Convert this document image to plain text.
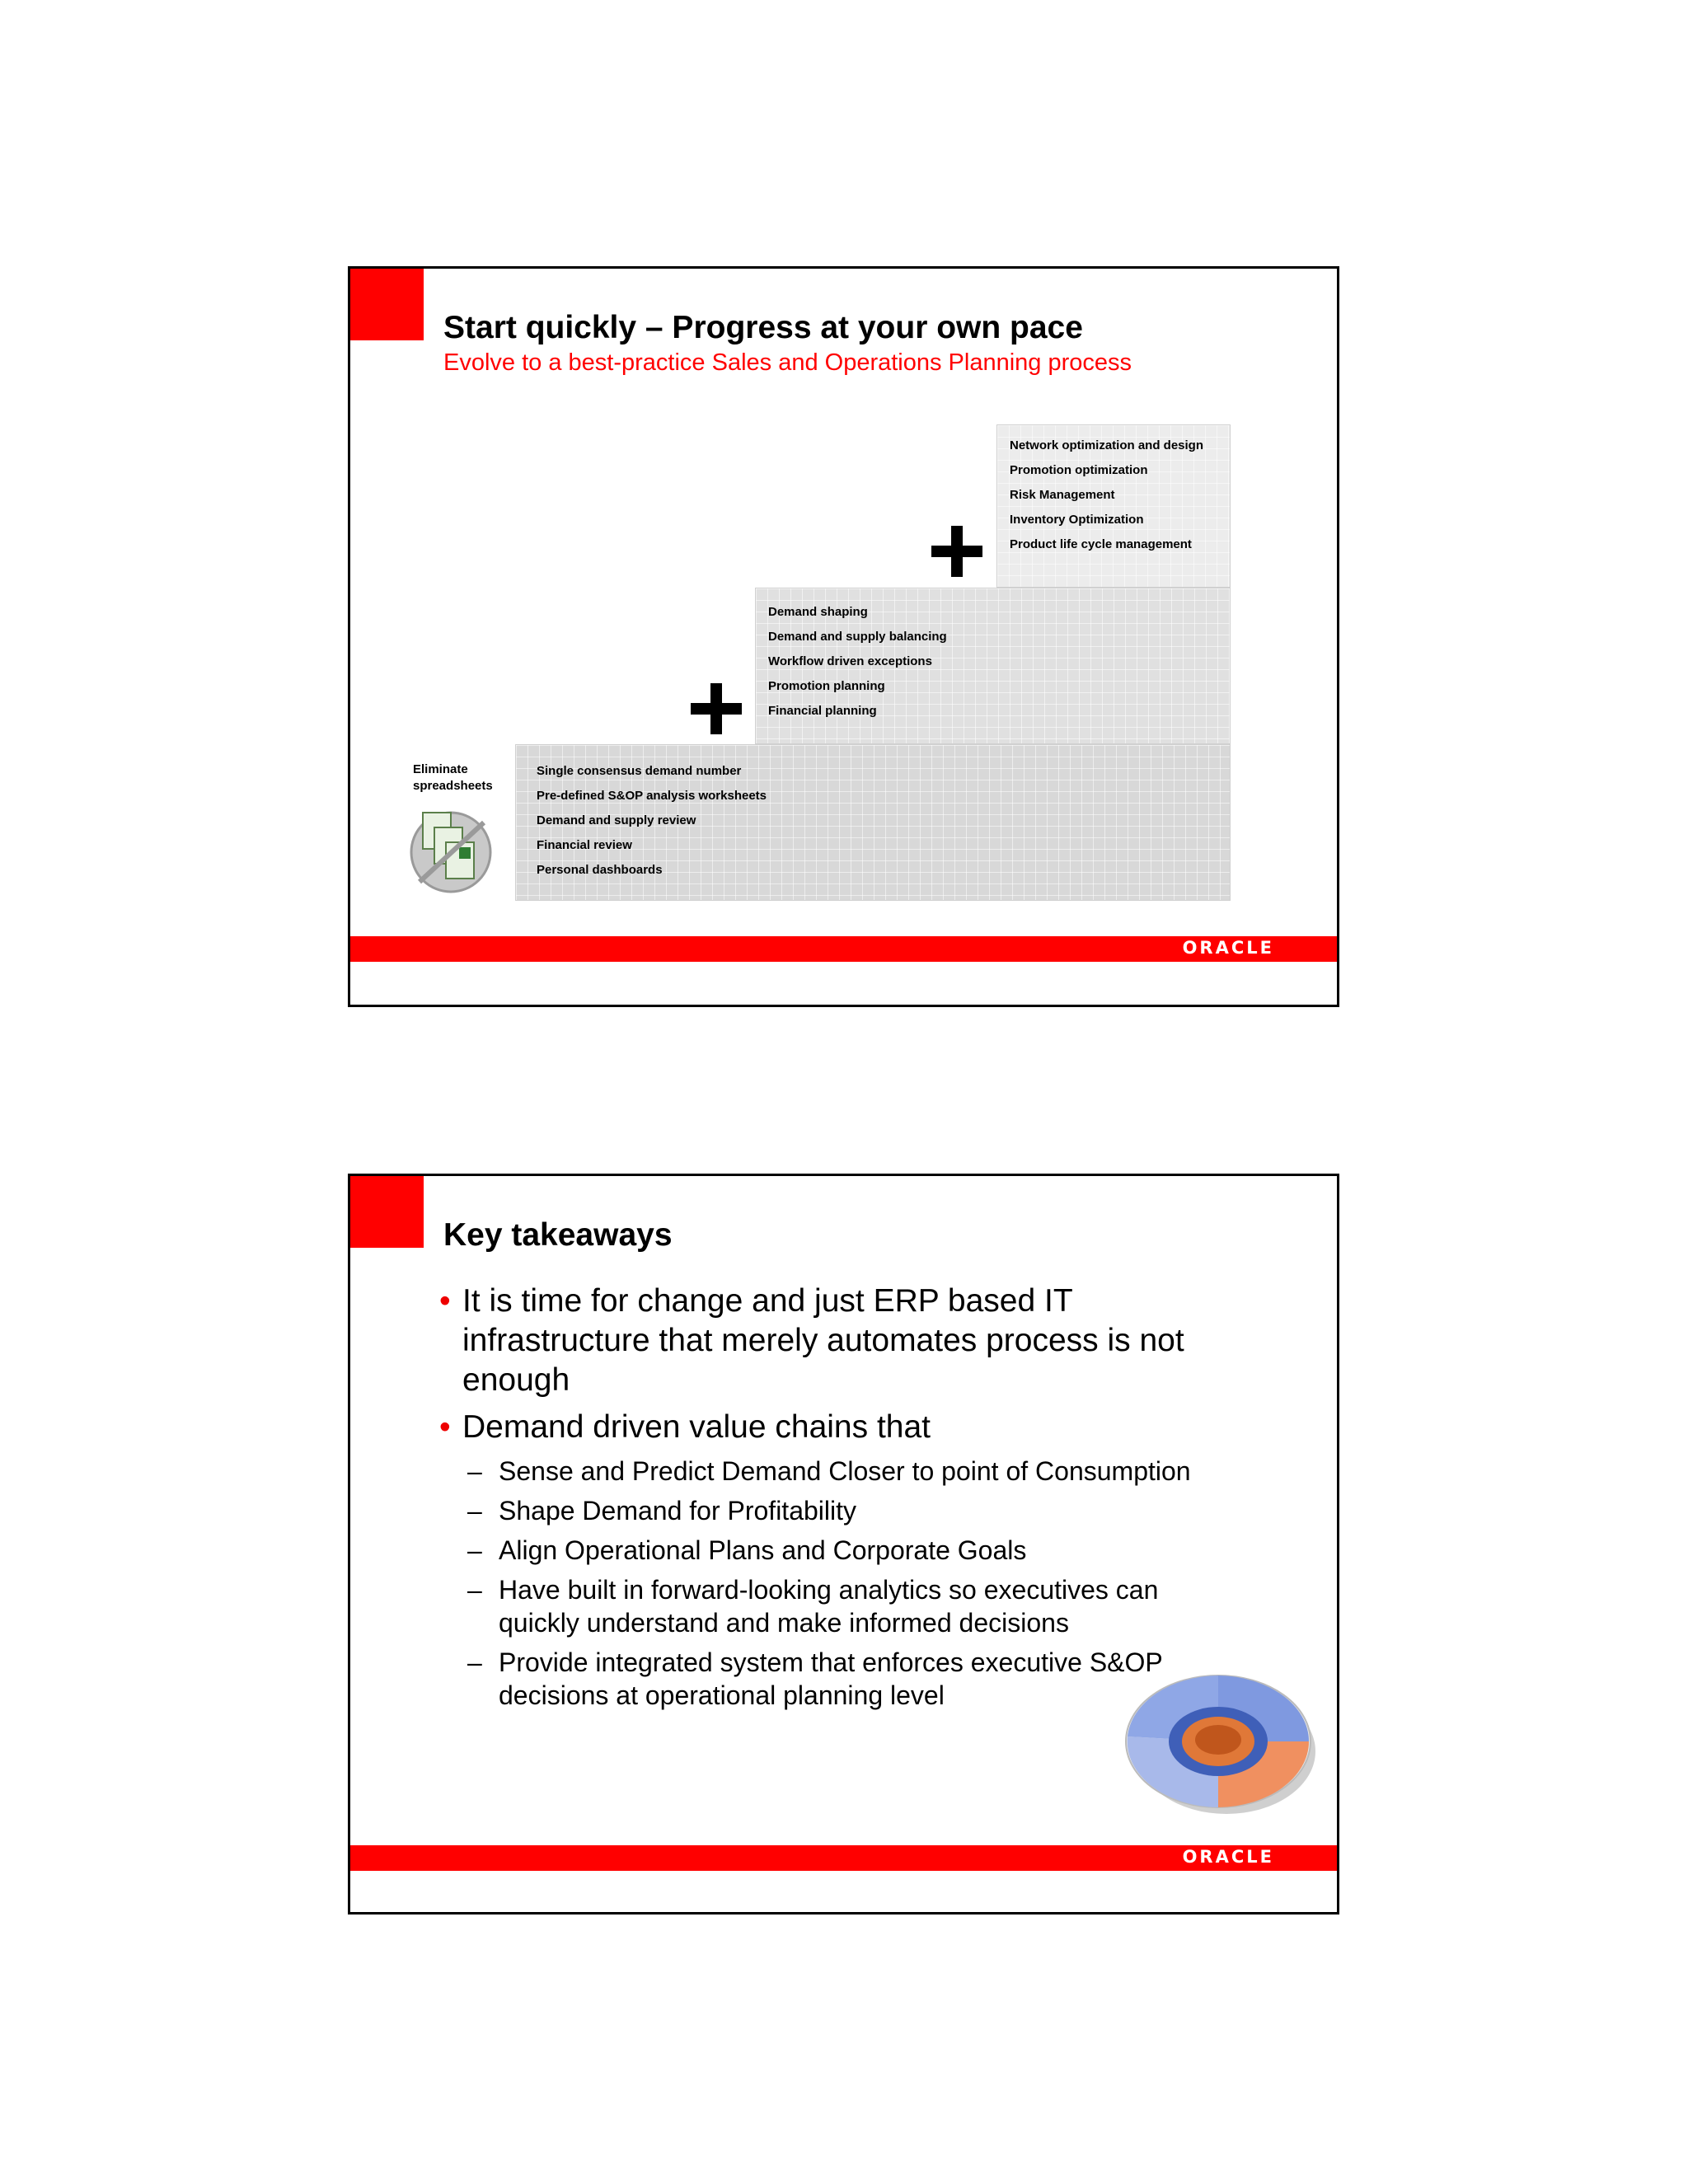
Start quickly – Progress at your own pace
Evolve to a best-practice Sales and Operations Planning process
Eliminate spreadsheets
Single consensus demand number
Pre-defined S&OP analysis worksheets
Demand and supply review
Financial review
Personal dashboards
Demand shaping
Demand and supply balancing
Workflow driven exceptions
Promotion planning
Financial planning
Network optimization and design
Promotion optimization
Risk Management
Inventory Optimization
Product life cycle management
ORACLE
Key takeaways
• It is time for change and just ERP based IT infrastructure that merely automates process is not enough
• Demand driven value chains that
– Sense and Predict Demand Closer to point of Consumption
– Shape Demand for Profitability
– Align Operational Plans and Corporate Goals
– Have built in forward-looking analytics so executives can quickly understand and make informed decisions
– Provide integrated system that enforces executive S&OP decisions at operational planning level
ORACLE
